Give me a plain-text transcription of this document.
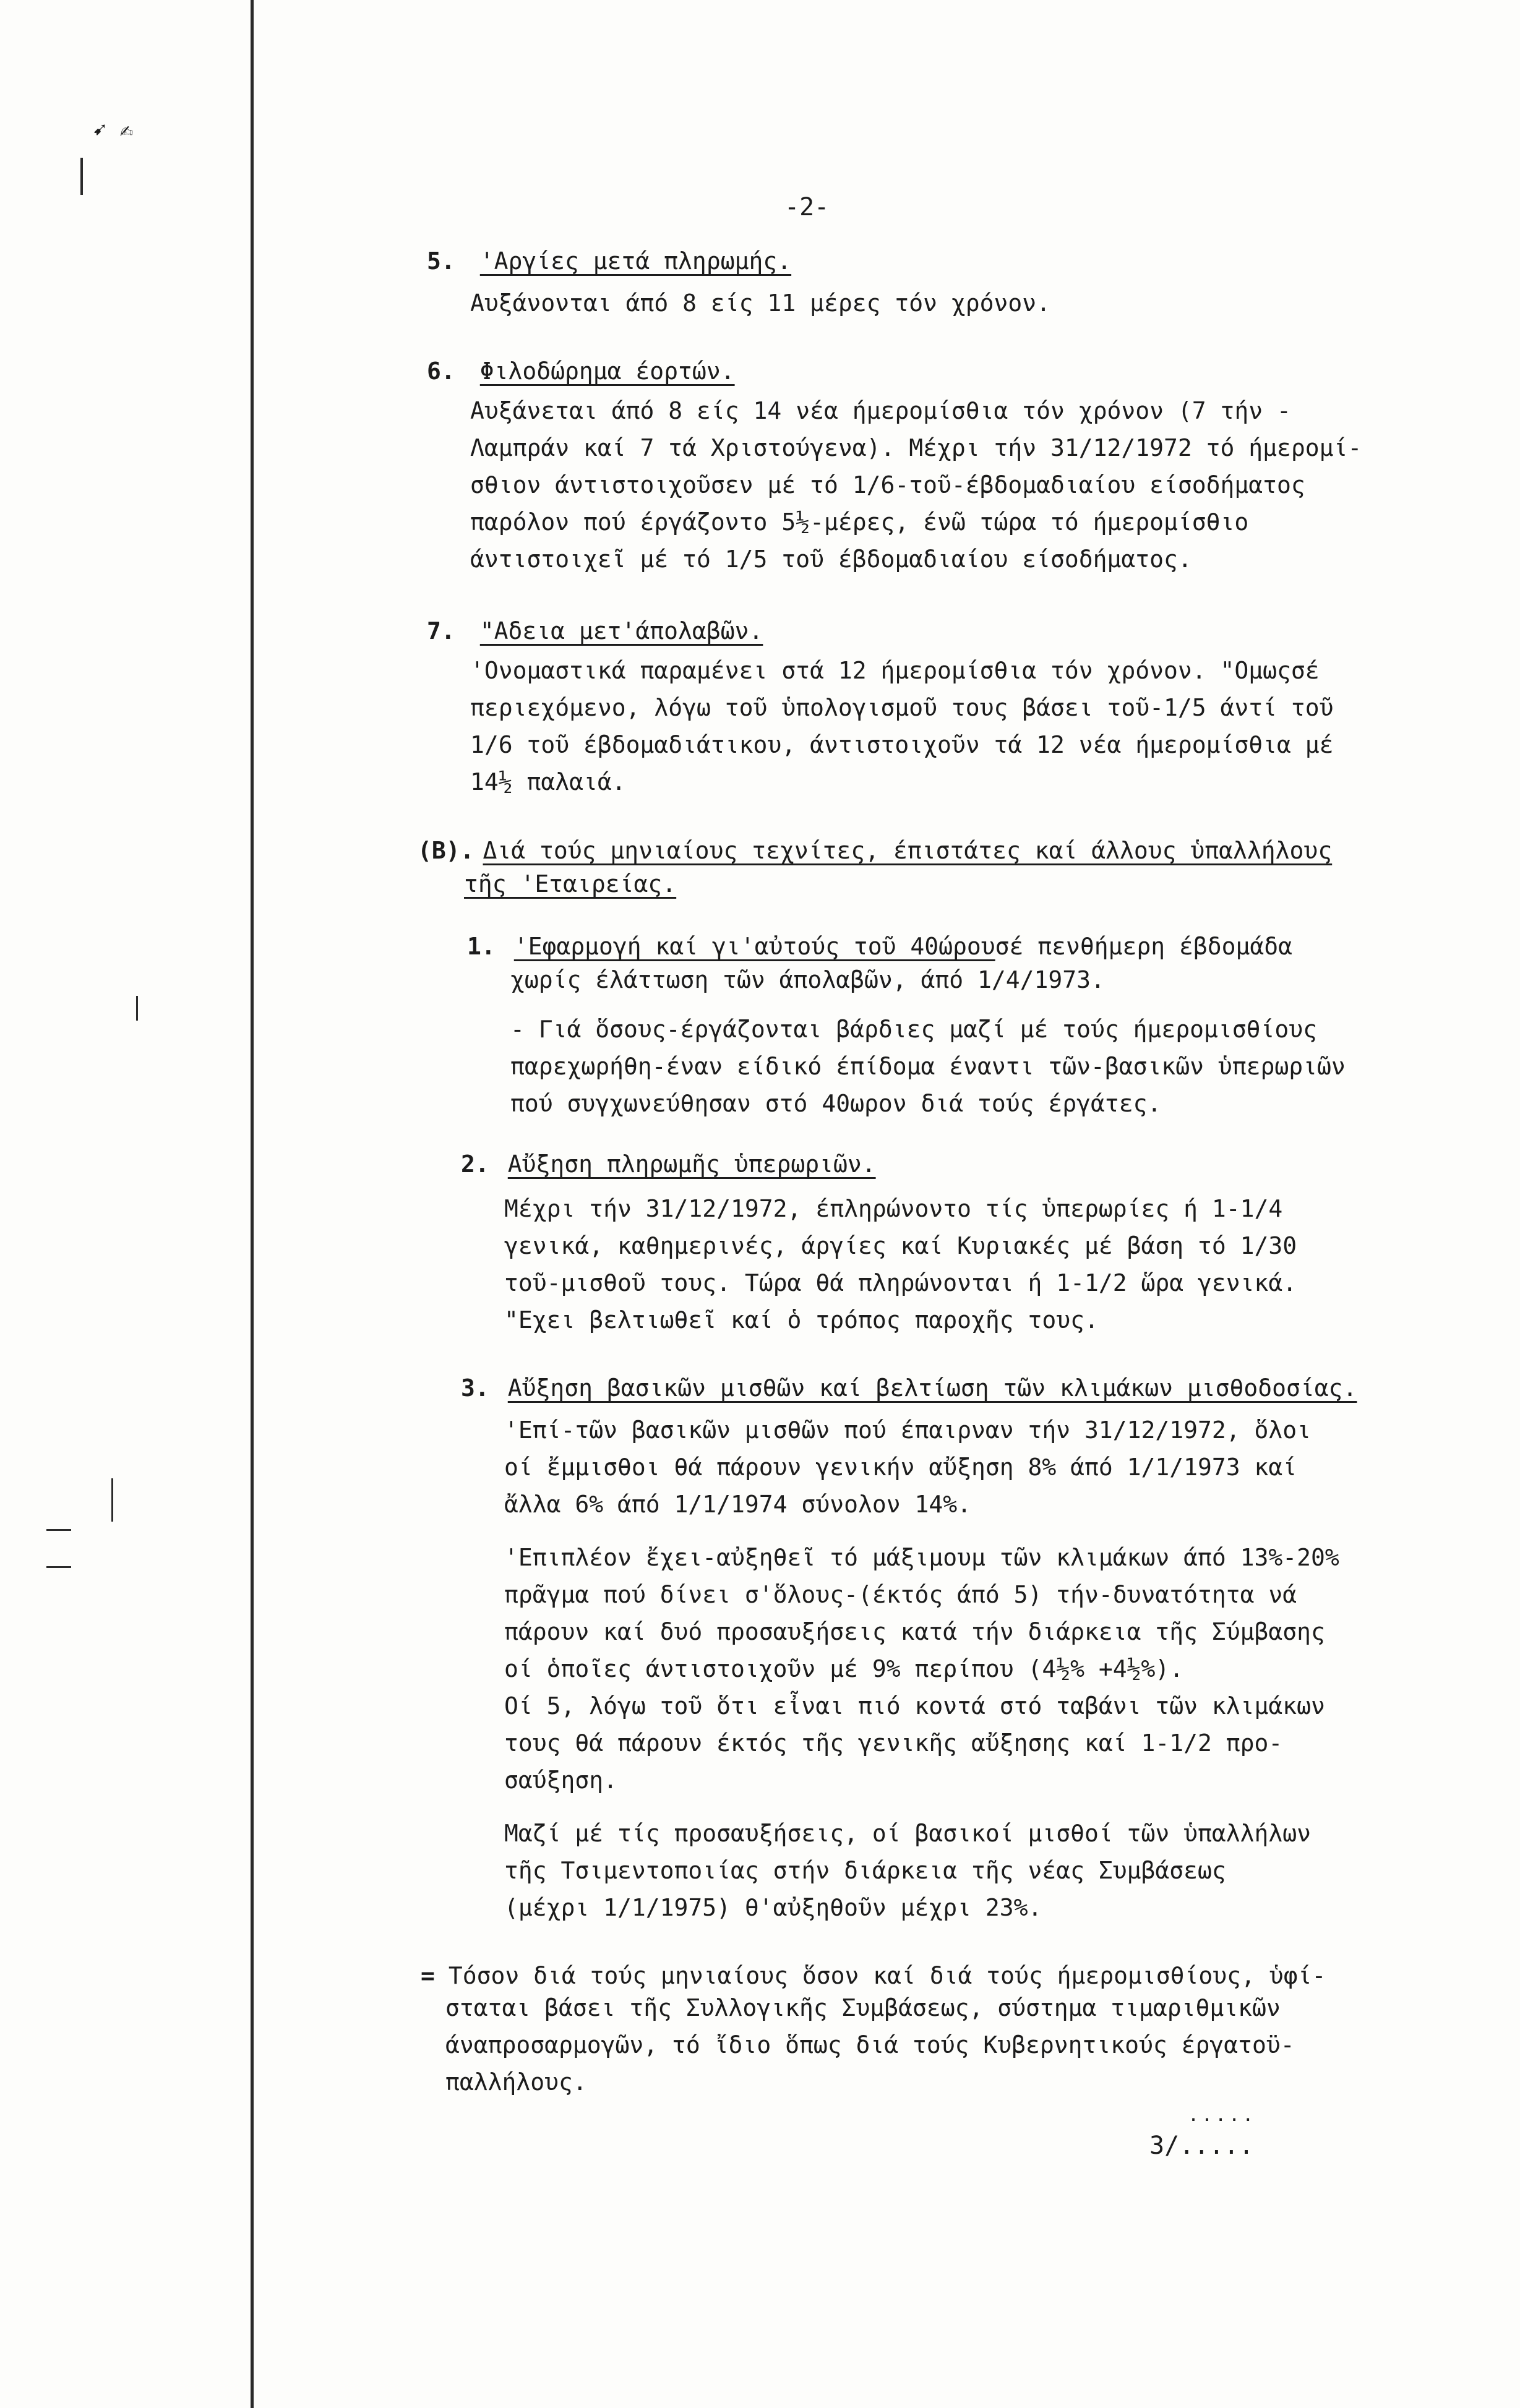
➹ ✍
-2-
5. 'Αργίες μετά πληρωμής.
Αυξάνονται άπό 8 είς 11 μέρες τόν χρόνον.
6. Φιλοδώρημα έορτών.
Αυξάνεται άπό 8 είς 14 νέα ήμερομίσθια τόν χρόνον (7 τήν -
Λαμπράν καί 7 τά Χριστούγενα). Μέχρι τήν 31/12/1972 τό ήμερομί-
σθιον άντιστοιχοῦσεν μέ τό 1/6-τοῦ-έβδομαδιαίου είσοδήματος
παρόλον πού έργάζοντο 5½-μέρες, ένῶ τώρα τό ήμερομίσθιο
άντιστοιχεῖ μέ τό 1/5 τοῦ έβδομαδιαίου είσοδήματος.
7. "Αδεια μετ'άπολαβῶν.
'Ονομαστικά παραμένει στά 12 ήμερομίσθια τόν χρόνον. "Ομωςσέ
περιεχόμενο, λόγω τοῦ ὑπολογισμοῦ τους βάσει τοῦ-1/5 άντί τοῦ
1/6 τοῦ έβδομαδιάτικου, άντιστοιχοῦν τά 12 νέα ήμερομίσθια μέ
14½ παλαιά.
(Β). Διά τούς μηνιαίους τεχνίτες, έπιστάτες καί άλλους ὑπαλλήλους
τῆς 'Εταιρείας.
1. 'Εφαρμογή καί γι'αὐτούς τοῦ 40ώρου σέ πενθήμερη έβδομάδα
χωρίς έλάττωση τῶν άπολαβῶν, άπό 1/4/1973.
- Γιά ὅσους-έργάζονται βάρδιες μαζί μέ τούς ήμερομισθίους
παρεχωρήθη-έναν είδικό έπίδομα έναντι τῶν-βασικῶν ὑπερωριῶν
πού συγχωνεύθησαν στό 40ωρον διά τούς έργάτες.
2. Αὔξηση πληρωμῆς ὑπερωριῶν.
Μέχρι τήν 31/12/1972, έπληρώνοντο τίς ὑπερωρίες ή 1-1/4
γενικά, καθημερινές, άργίες καί Κυριακές μέ βάση τό 1/30
τοῦ-μισθοῦ τους. Τώρα θά πληρώνονται ή 1-1/2 ὥρα γενικά.
"Εχει βελτιωθεῖ καί ὁ τρόπος παροχῆς τους.
3. Αὔξηση βασικῶν μισθῶν καί βελτίωση τῶν κλιμάκων μισθοδοσίας.
'Επί-τῶν βασικῶν μισθῶν πού έπαιρναν τήν 31/12/1972, ὅλοι
οί ἔμμισθοι θά πάρουν γενικήν αὔξηση 8% άπό 1/1/1973 καί
ἄλλα 6% άπό 1/1/1974 σύνολον 14%.
'Επιπλέον ἔχει-αὐξηθεῖ τό μάξιμουμ τῶν κλιμάκων άπό 13%-20%
πρᾶγμα πού δίνει σ'ὅλους-(έκτός άπό 5) τήν-δυνατότητα νά
πάρουν καί δυό προσαυξήσεις κατά τήν διάρκεια τῆς Σύμβασης
οί ὁποῖες άντιστοιχοῦν μέ 9% περίπου (4½% +4½%).
Οί 5, λόγω τοῦ ὅτι εἶναι πιό κοντά στό ταβάνι τῶν κλιμάκων
τους θά πάρουν έκτός τῆς γενικῆς αὔξησης καί 1-1/2 προ-
σαύξηση.
Μαζί μέ τίς προσαυξήσεις, οί βασικοί μισθοί τῶν ὑπαλλήλων
τῆς Τσιμεντοποιίας στήν διάρκεια τῆς νέας Συμβάσεως
(μέχρι 1/1/1975) θ'αὐξηθοῦν μέχρι 23%.
= Τόσον διά τούς μηνιαίους ὅσον καί διά τούς ήμερομισθίους, ὑφί-
σταται βάσει τῆς Συλλογικῆς Συμβάσεως, σύστημα τιμαριθμικῶν
άναπροσαρμογῶν, τό ἴδιο ὅπως διά τούς Κυβερνητικούς έργατοϋ-
παλλήλους.
.....
3/.....
